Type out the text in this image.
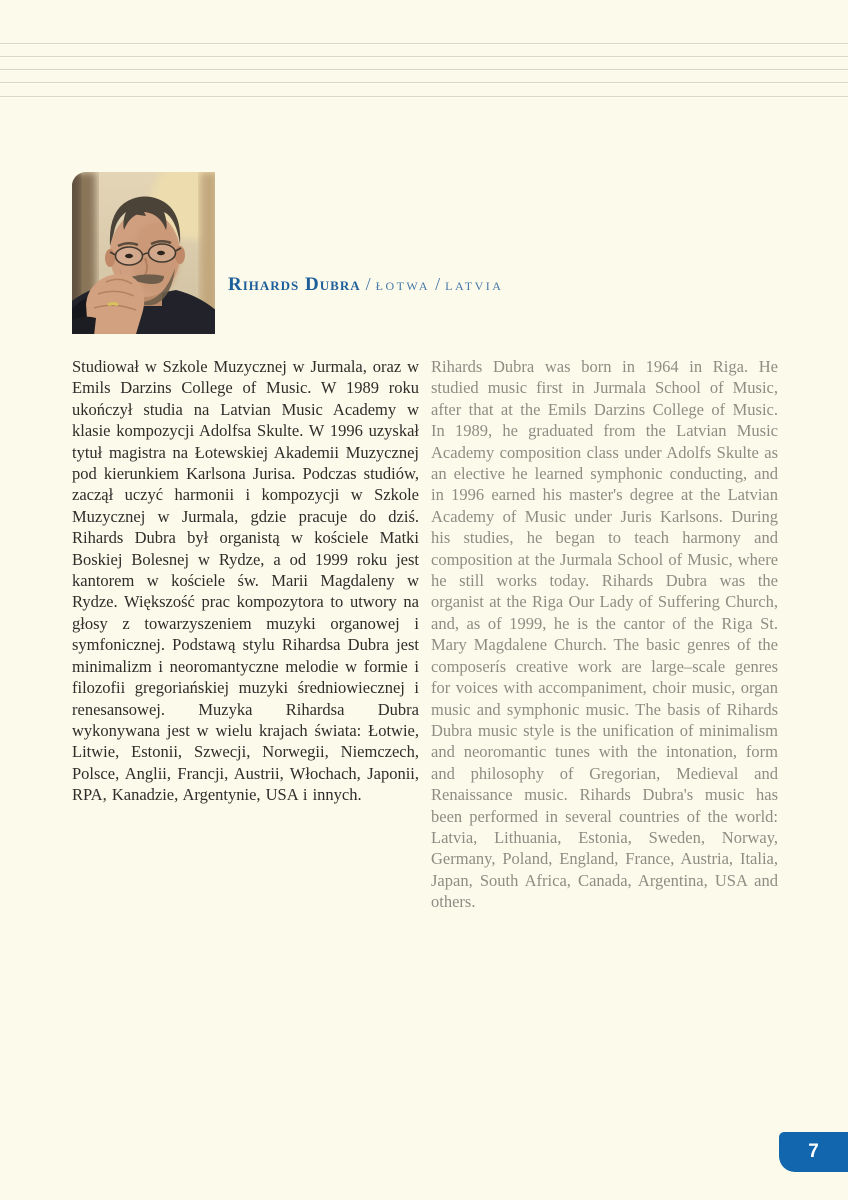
Rihards Dubra / łotwa / latvia
Studiował w Szkole Muzycznej w Jurmala, oraz w Emils Darzins College of Music. W 1989 roku ukończył studia na Latvian Music Academy w klasie kompozycji Adolfsa Skulte. W 1996 uzyskał tytuł magistra na Łotewskiej Akademii Muzycznej pod kierunkiem Karlsona Jurisa. Podczas studiów, zaczął uczyć harmonii i kompozycji w Szkole Muzycznej w Jurmala, gdzie pracuje do dziś. Rihards Dubra był organistą w kościele Matki Boskiej Bolesnej w Rydze, a od 1999 roku jest kantorem w kościele św. Marii Magdaleny w Rydze. Większość prac kompozytora to utwory na głosy z towarzyszeniem muzyki organowej i symfonicznej. Podstawą stylu Rihardsa Dubra jest minimalizm i neoromantyczne melodie w formie i filozofii gregoriańskiej muzyki średniowiecznej i renesansowej. Muzyka Rihardsa Dubra wykonywana jest w wielu krajach świata: Łotwie, Litwie, Estonii, Szwecji, Norwegii, Niemczech, Polsce, Anglii, Francji, Austrii, Włochach, Japonii, RPA, Kanadzie, Argentynie, USA i innych.
Rihards Dubra was born in 1964 in Riga. He studied music first in Jurmala School of Music, after that at the Emils Darzins College of Music. In 1989, he graduated from the Latvian Music Academy composition class under Adolfs Skulte as an elective he learned symphonic conducting, and in 1996 earned his master's degree at the Latvian Academy of Music under Juris Karlsons. During his studies, he began to teach harmony and composition at the Jurmala School of Music, where he still works today. Rihards Dubra was the organist at the Riga Our Lady of Suffering Church, and, as of 1999, he is the cantor of the Riga St. Mary Magdalene Church. The basic genres of the composerís creative work are large–scale genres for voices with accompaniment, choir music, organ music and symphonic music. The basis of Rihards Dubra music style is the unification of minimalism and neoromantic tunes with the intonation, form and philosophy of Gregorian, Medieval and Renaissance music. Rihards Dubra's music has been performed in several countries of the world: Latvia, Lithuania, Estonia, Sweden, Norway, Germany, Poland, England, France, Austria, Italia, Japan, South Africa, Canada, Argentina, USA and others.
7
